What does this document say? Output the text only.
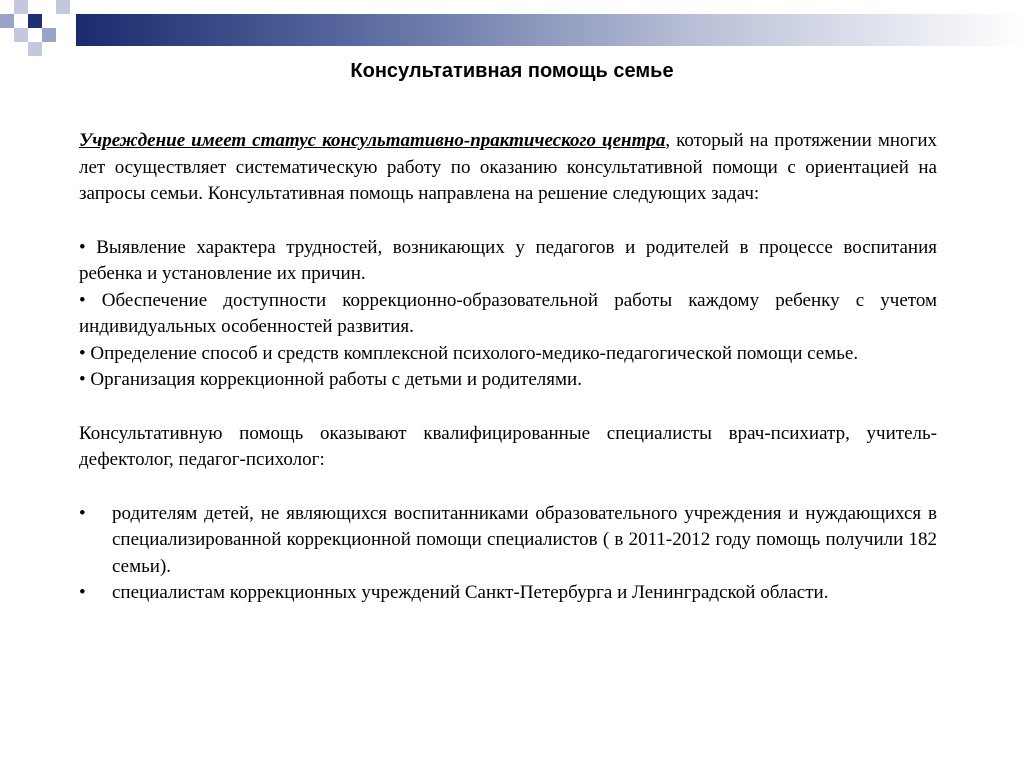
Консультативная помощь семье

Учреждение имеет статус консультативно-практического центра, который на протяжении многих лет осуществляет систематическую работу по оказанию консультативной помощи с ориентацией на запросы семьи. Консультативная помощь направлена на решение следующих задач:

• Выявление характера трудностей, возникающих у педагогов и родителей в процессе воспитания ребенка и установление их причин.

• Обеспечение доступности коррекционно-образовательной работы каждому ребенку с учетом индивидуальных особенностей развития.

• Определение способ и средств комплексной психолого-медико-педагогической помощи семье.

• Организация коррекционной работы с детьми и родителями.

Консультативную помощь оказывают квалифицированные специалисты врач-психиатр, учитель-дефектолог, педагог-психолог:

• родителям детей, не являющихся воспитанниками образовательного учреждения и нуждающихся в специализированной коррекционной помощи специалистов ( в 2011-2012 году помощь получили 182 семьи).
• специалистам коррекционных учреждений Санкт-Петербурга и Ленинградской области.
